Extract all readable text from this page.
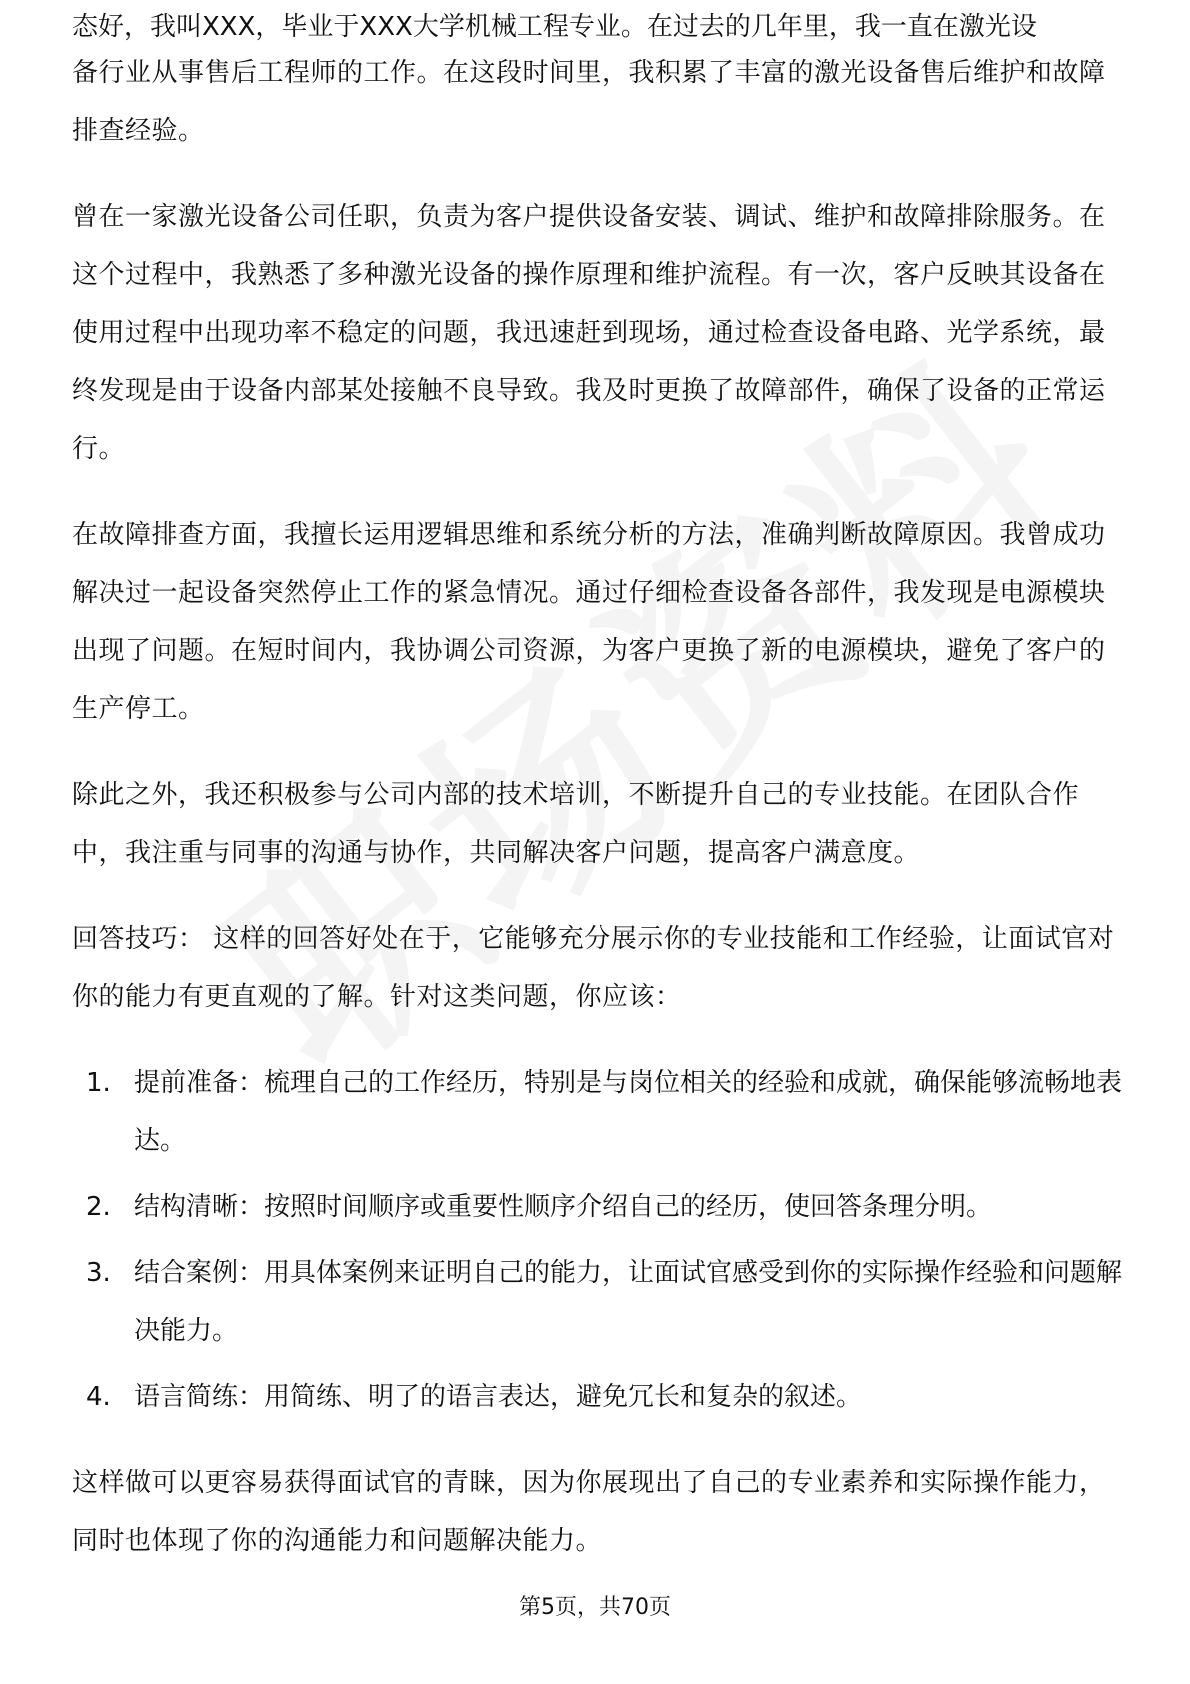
态好，我叫XXX，毕业于XXX大学机械工程专业。在过去的几年里，我一直在激光设

备行业从事售后工程师的工作。在这段时间里，我积累了丰富的激光设备售后维护和故障排查经验。

曾在一家激光设备公司任职，负责为客户提供设备安装、调试、维护和故障排除服务。在这个过程中，我熟悉了多种激光设备的操作原理和维护流程。有一次，客户反映其设备在使用过程中出现功率不稳定的问题，我迅速赶到现场，通过检查设备电路、光学系统，最终发现是由于设备内部某处接触不良导致。我及时更换了故障部件，确保了设备的正常运行。

在故障排查方面，我擅长运用逻辑思维和系统分析的方法，准确判断故障原因。我曾成功解决过一起设备突然停止工作的紧急情况。通过仔细检查设备各部件，我发现是电源模块出现了问题。在短时间内，我协调公司资源，为客户更换了新的电源模块，避免了客户的生产停工。

除此之外，我还积极参与公司内部的技术培训，不断提升自己的专业技能。在团队合作中，我注重与同事的沟通与协作，共同解决客户问题，提高客户满意度。

回答技巧： 这样的回答好处在于，它能够充分展示你的专业技能和工作经验，让面试官对你的能力有更直观的了解。针对这类问题，你应该：

1. 提前准备：梳理自己的工作经历，特别是与岗位相关的经验和成就，确保能够流畅地表达。
2. 结构清晰：按照时间顺序或重要性顺序介绍自己的经历，使回答条理分明。
3. 结合案例：用具体案例来证明自己的能力，让面试官感受到你的实际操作经验和问题解决能力。
4. 语言简练：用简练、明了的语言表达，避免冗长和复杂的叙述。

这样做可以更容易获得面试官的青睐，因为你展现出了自己的专业素养和实际操作能力，同时也体现了你的沟通能力和问题解决能力。

第5页，共70页
